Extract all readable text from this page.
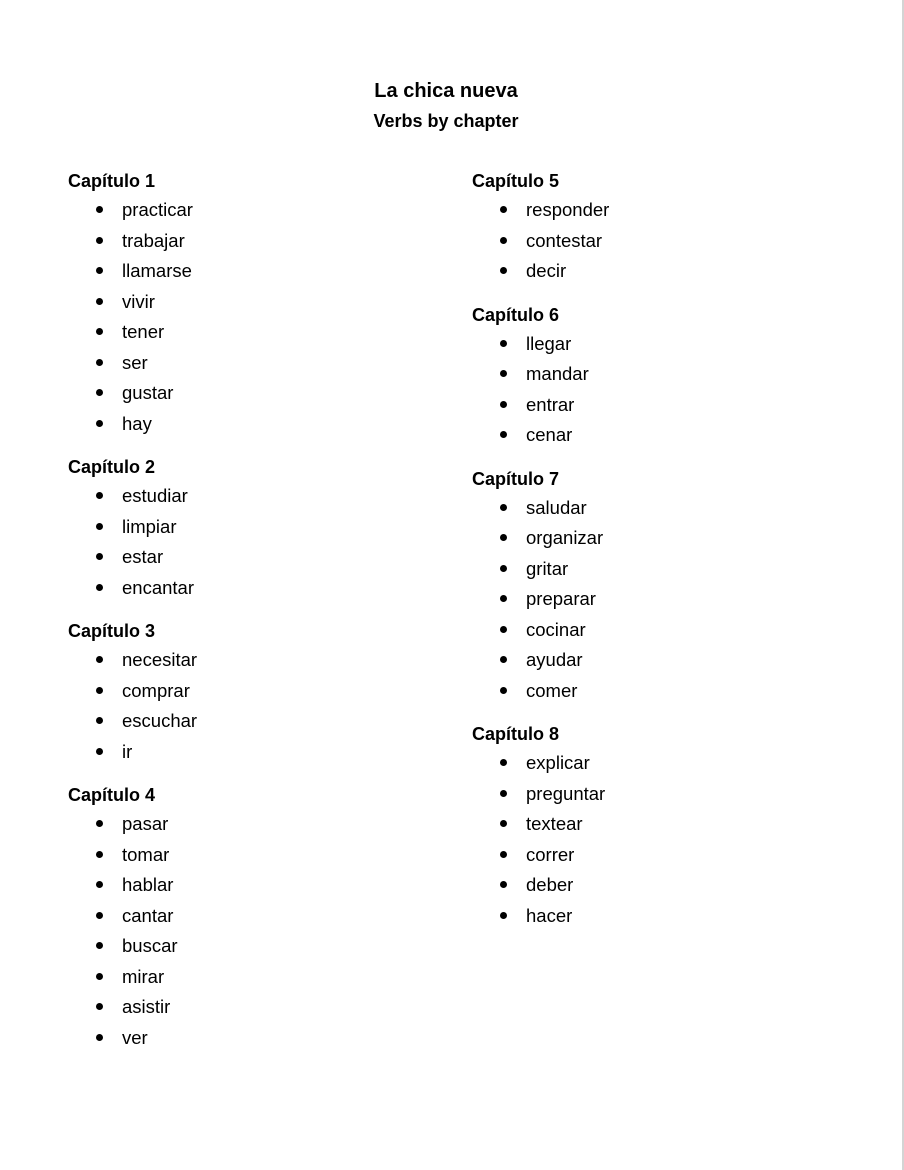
La chica nueva
Verbs by chapter
Capítulo 1
practicar
trabajar
llamarse
vivir
tener
ser
gustar
hay
Capítulo 2
estudiar
limpiar
estar
encantar
Capítulo 3
necesitar
comprar
escuchar
ir
Capítulo 4
pasar
tomar
hablar
cantar
buscar
mirar
asistir
ver
Capítulo 5
responder
contestar
decir
Capítulo 6
llegar
mandar
entrar
cenar
Capítulo 7
saludar
organizar
gritar
preparar
cocinar
ayudar
comer
Capítulo 8
explicar
preguntar
textear
correr
deber
hacer
